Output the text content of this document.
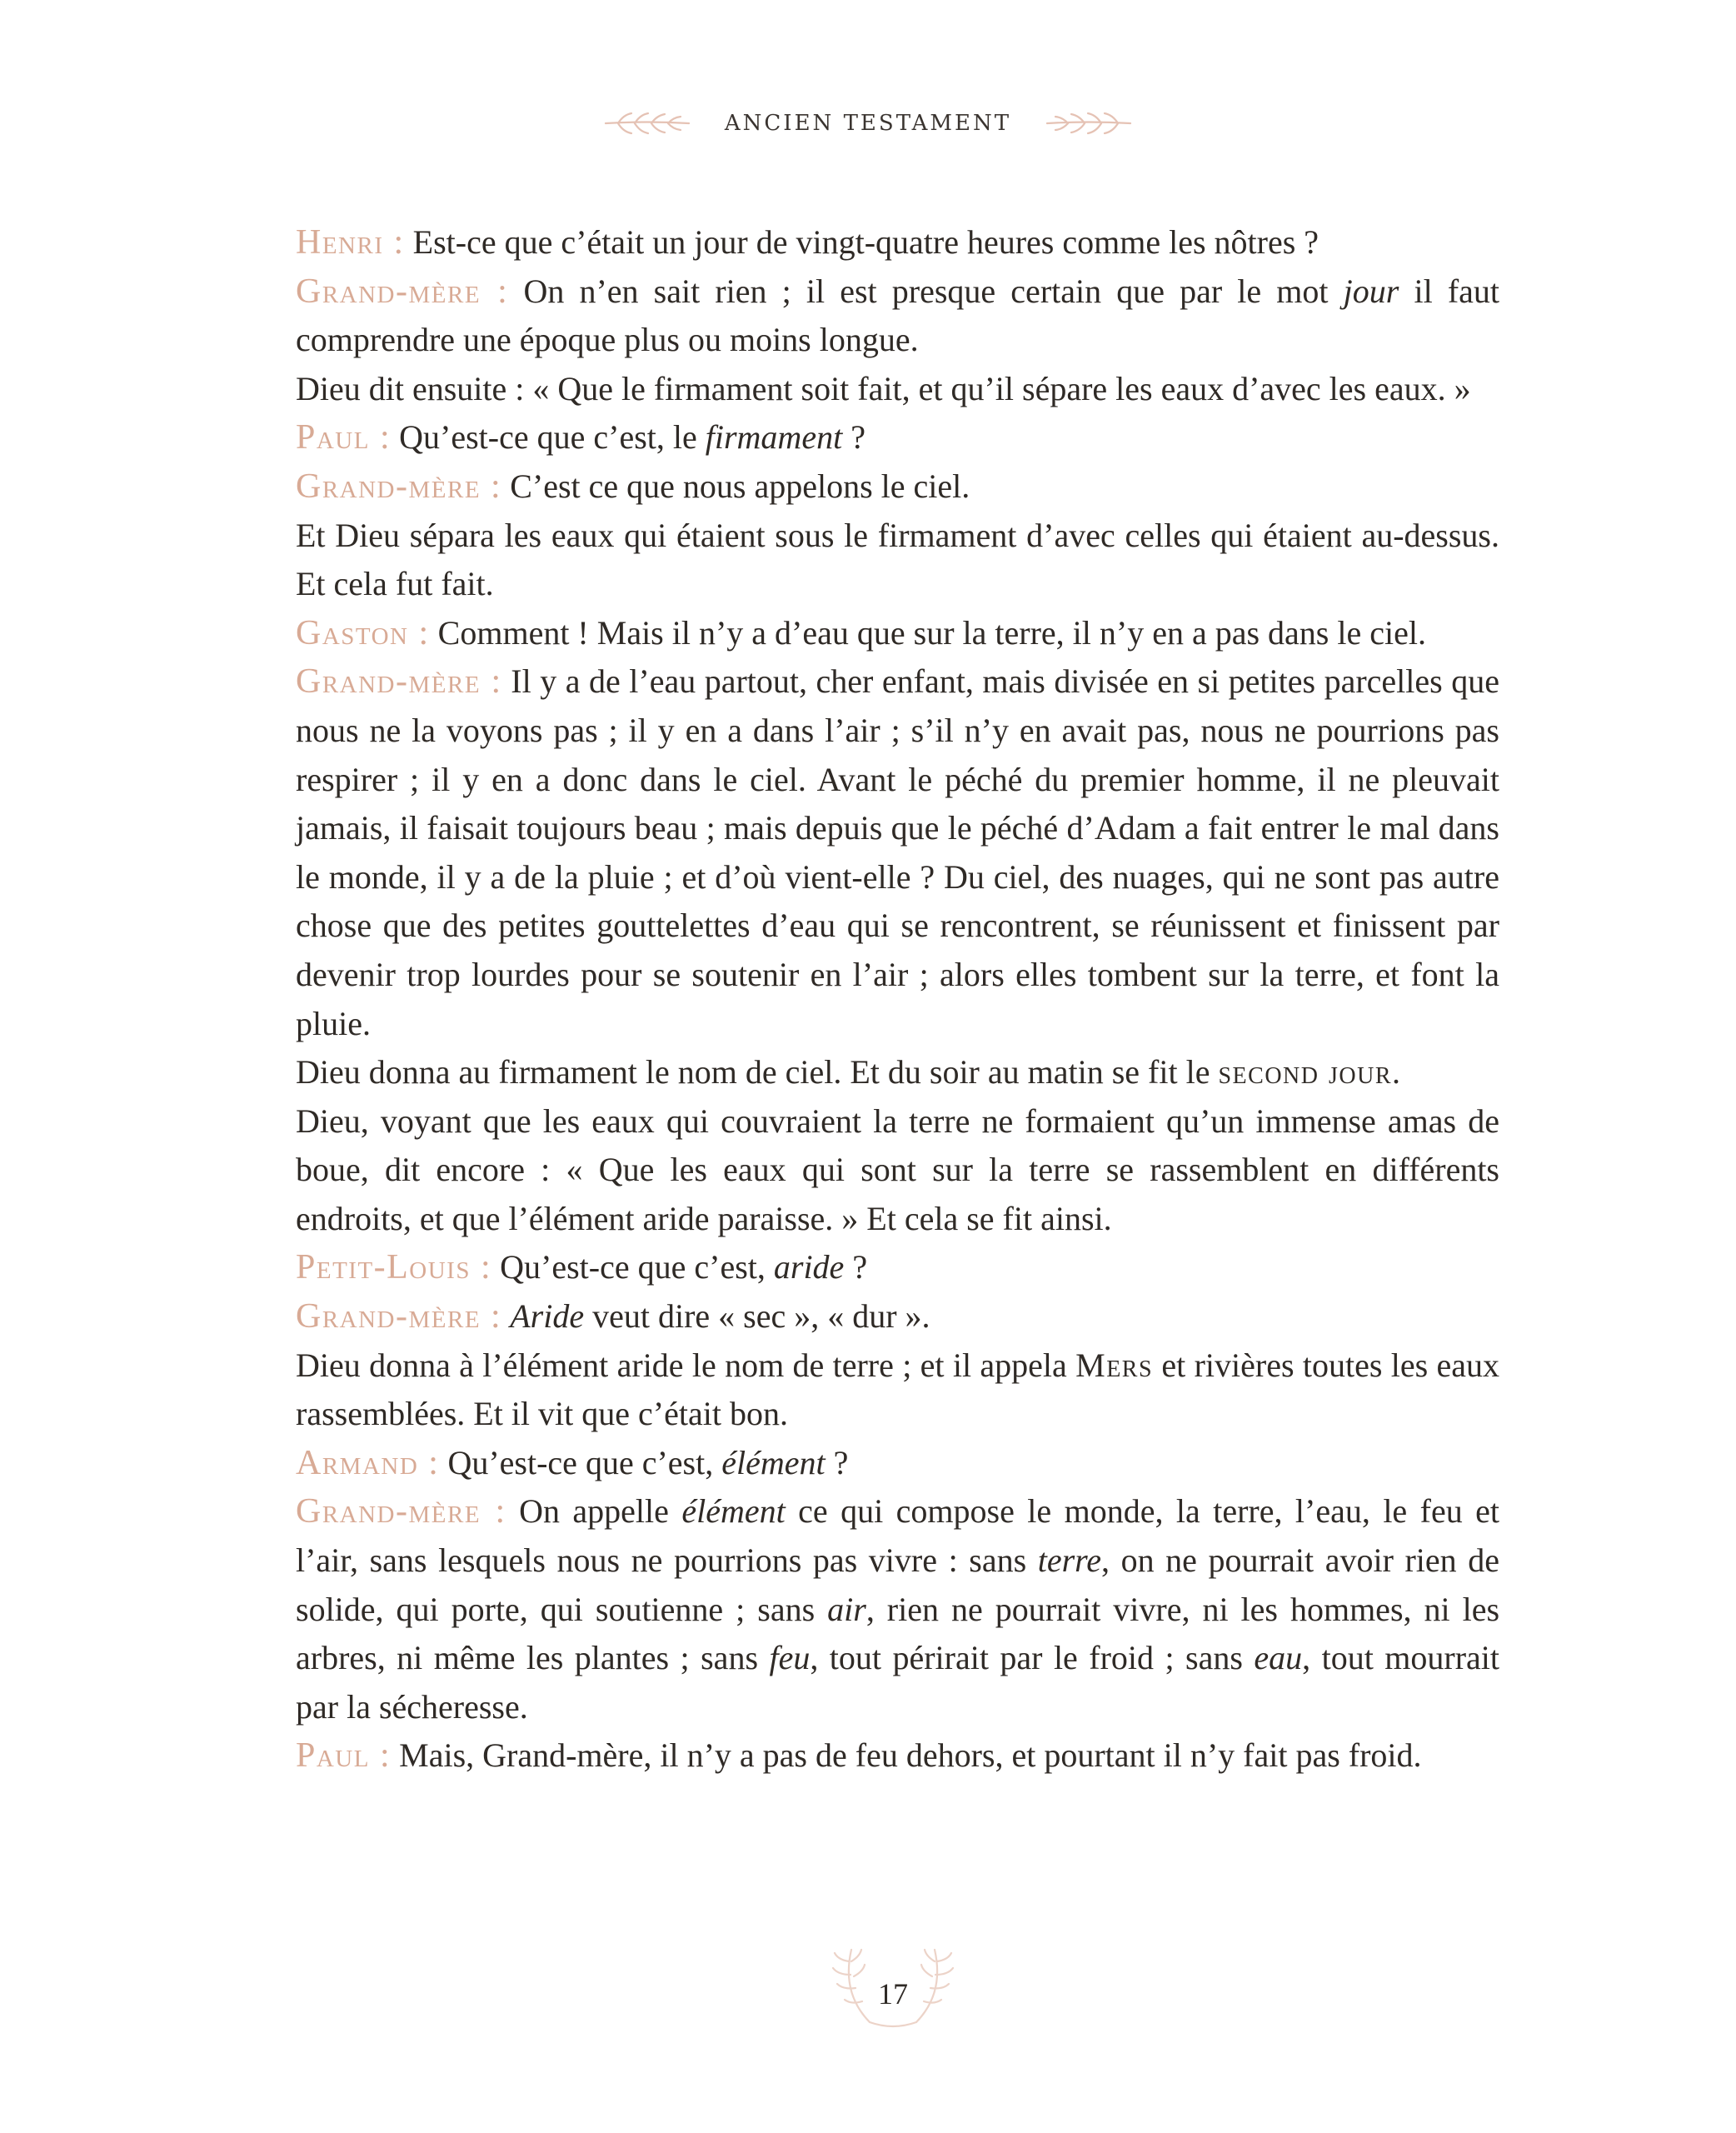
ANCIEN TESTAMENT

Henri : Est-ce que c’était un jour de vingt-quatre heures comme les nôtres ?

Grand-mère : On n’en sait rien ; il est presque certain que par le mot jour il faut comprendre une époque plus ou moins longue.

Dieu dit ensuite : « Que le firmament soit fait, et qu’il sépare les eaux d’avec les eaux. »

Paul : Qu’est-ce que c’est, le firmament ?

Grand-mère : C’est ce que nous appelons le ciel.

Et Dieu sépara les eaux qui étaient sous le firmament d’avec celles qui étaient au-dessus. Et cela fut fait.

Gaston : Comment ! Mais il n’y a d’eau que sur la terre, il n’y en a pas dans le ciel.

Grand-mère : Il y a de l’eau partout, cher enfant, mais divisée en si petites parcelles que nous ne la voyons pas ; il y en a dans l’air ; s’il n’y en avait pas, nous ne pourrions pas respirer ; il y en a donc dans le ciel. Avant le péché du premier homme, il ne pleuvait jamais, il faisait toujours beau ; mais depuis que le péché d’Adam a fait entrer le mal dans le monde, il y a de la pluie ; et d’où vient-elle ? Du ciel, des nuages, qui ne sont pas autre chose que des petites gouttelettes d’eau qui se rencontrent, se réunissent et finissent par devenir trop lourdes pour se soutenir en l’air ; alors elles tombent sur la terre, et font la pluie.

Dieu donna au firmament le nom de ciel. Et du soir au matin se fit le second jour.

Dieu, voyant que les eaux qui couvraient la terre ne formaient qu’un immense amas de boue, dit encore : « Que les eaux qui sont sur la terre se rassemblent en différents endroits, et que l’élément aride paraisse. » Et cela se fit ainsi.

Petit-Louis : Qu’est-ce que c’est, aride ?

Grand-mère : Aride veut dire « sec », « dur ».

Dieu donna à l’élément aride le nom de terre ; et il appela Mers et rivières toutes les eaux rassemblées. Et il vit que c’était bon.

Armand : Qu’est-ce que c’est, élément ?

Grand-mère : On appelle élément ce qui compose le monde, la terre, l’eau, le feu et l’air, sans lesquels nous ne pourrions pas vivre : sans terre, on ne pourrait avoir rien de solide, qui porte, qui soutienne ; sans air, rien ne pourrait vivre, ni les hommes, ni les arbres, ni même les plantes ; sans feu, tout périrait par le froid ; sans eau, tout mourrait par la sécheresse.

Paul : Mais, Grand-mère, il n’y a pas de feu dehors, et pourtant il n’y fait pas froid.

17
